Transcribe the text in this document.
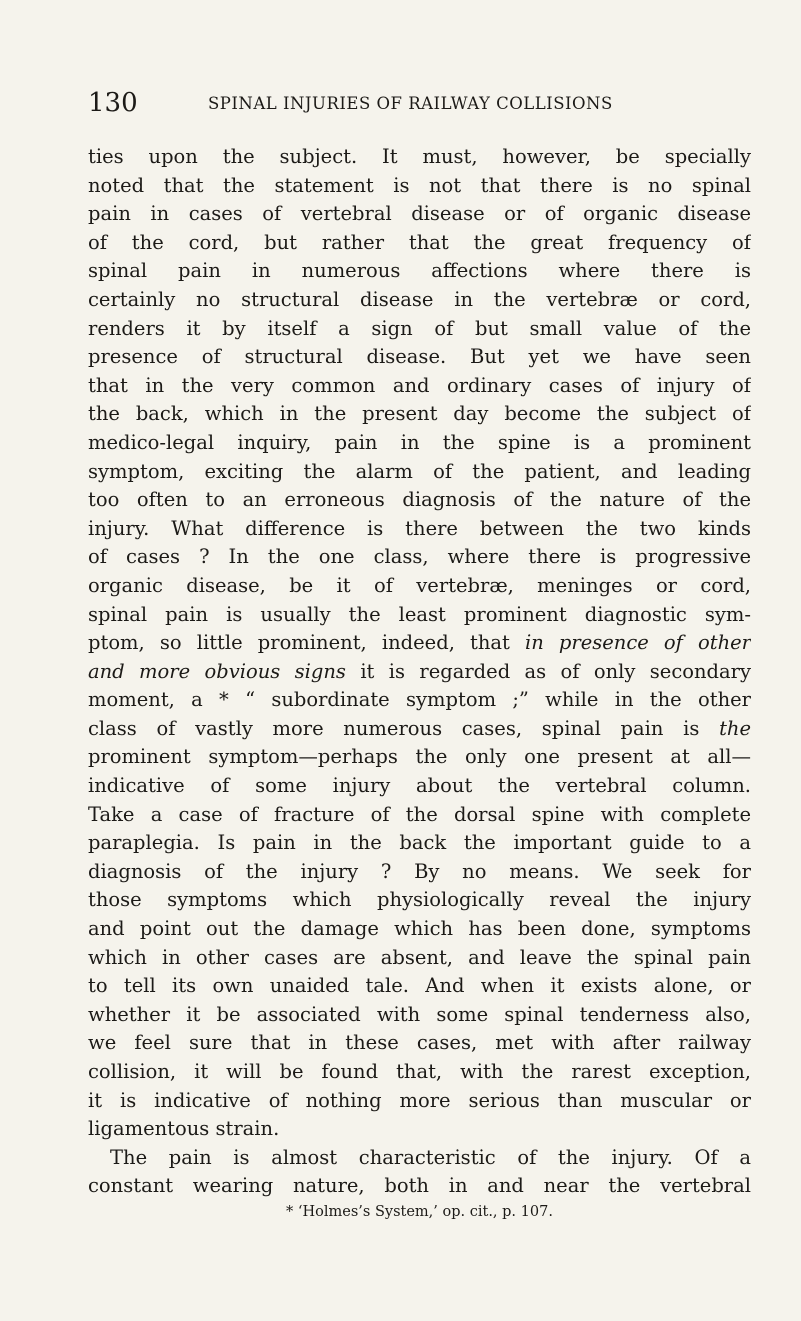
130	SPINAL INJURIES OF RAILWAY COLLISIONS
ties upon the subject. It must, however, be specially
noted that the statement is not that there is no spinal
pain in cases of vertebral disease or of organic disease
of the cord, but rather that the great frequency of
spinal pain in numerous affections where there is
certainly no structural disease in the vertebræ or cord,
renders it by itself a sign of but small value of the
presence of structural disease. But yet we have seen
that in the very common and ordinary cases of injury of
the back, which in the present day become the subject of
medico-legal inquiry, pain in the spine is a prominent
symptom, exciting the alarm of the patient, and leading
too often to an erroneous diagnosis of the nature of the
injury. What difference is there between the two kinds
of cases ? In the one class, where there is progressive
organic disease, be it of vertebræ, meninges or cord,
spinal pain is usually the least prominent diagnostic sym-
ptom, so little prominent, indeed, that in presence of other
and more obvious signs it is regarded as of only secondary
moment, a * “ subordinate symptom ;” while in the other
class of vastly more numerous cases, spinal pain is the
prominent symptom—perhaps the only one present at all—
indicative of some injury about the vertebral column.
Take a case of fracture of the dorsal spine with complete
paraplegia. Is pain in the back the important guide to a
diagnosis of the injury ? By no means. We seek for
those symptoms which physiologically reveal the injury
and point out the damage which has been done, symptoms
which in other cases are absent, and leave the spinal pain
to tell its own unaided tale. And when it exists alone, or
whether it be associated with some spinal tenderness also,
we feel sure that in these cases, met with after railway
collision, it will be found that, with the rarest exception,
it is indicative of nothing more serious than muscular or
ligamentous strain.
The pain is almost characteristic of the injury. Of a
constant wearing nature, both in and near the vertebral
* ‘Holmes’s System,’ op. cit., p. 107.
